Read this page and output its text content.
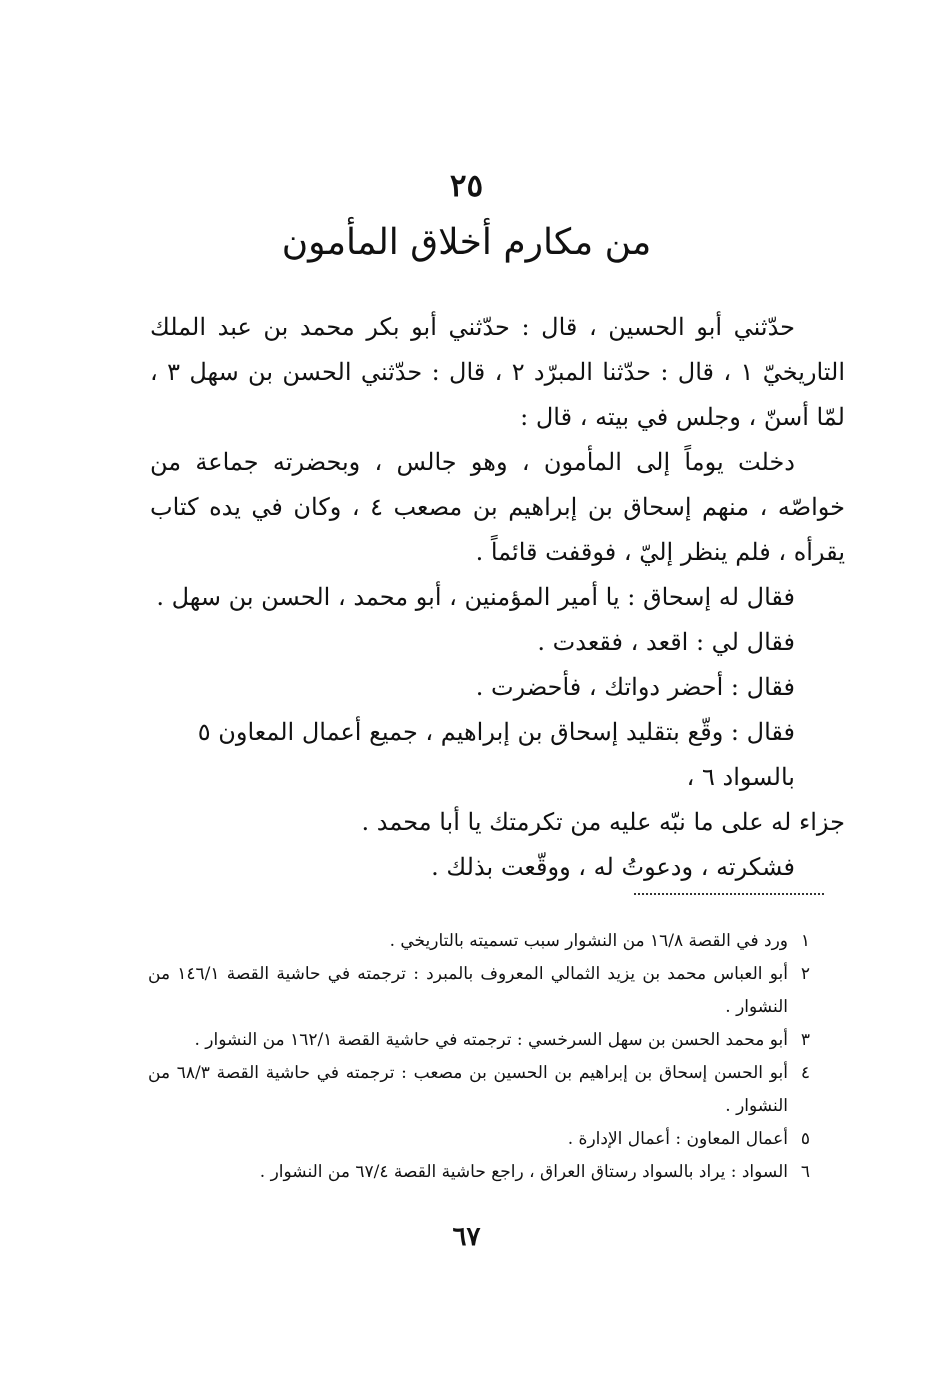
٢٥
من مكارم أخلاق المأمون

حدّثني أبو الحسين ، قال : حدّثني أبو بكر محمد بن عبد الملك التاريخيّ ١ ، قال : حدّثنا المبرّد ٢ ، قال : حدّثني الحسن بن سهل ٣ ، لمّا أسنّ ، وجلس في بيته ، قال :

دخلت يوماً إلى المأمون ، وهو جالس ، وبحضرته جماعة من خواصّه ، منهم إسحاق بن إبراهيم بن مصعب ٤ ، وكان في يده كتاب يقرأه ، فلم ينظر إليّ ، فوقفت قائماً .

فقال له إسحاق : يا أمير المؤمنين ، أبو محمد ، الحسن بن سهل .

فقال لي : اقعد ، فقعدت .

فقال : أحضر دواتك ، فأحضرت .

فقال : وقّع بتقليد إسحاق بن إبراهيم ، جميع أعمال المعاون ٥ بالسواد ٦ ،

جزاء له على ما نبّه عليه من تكرمتك يا أبا محمد .

فشكرته ، ودعوتُ له ، ووقّعت بذلك .

١
ورد في القصة ١٦/٨ من النشوار سبب تسميته بالتاريخي .
٢
أبو العباس محمد بن يزيد الثمالي المعروف بالمبرد : ترجمته في حاشية القصة ١٤٦/١ من النشوار .
٣
أبو محمد الحسن بن سهل السرخسي : ترجمته في حاشية القصة ١٦٢/١ من النشوار .
٤
أبو الحسن إسحاق بن إبراهيم بن الحسين بن مصعب : ترجمته في حاشية القصة ٦٨/٣ من النشوار .
٥
أعمال المعاون : أعمال الإدارة .
٦
السواد : يراد بالسواد رستاق العراق ، راجع حاشية القصة ٦٧/٤ من النشوار .
٦٧
